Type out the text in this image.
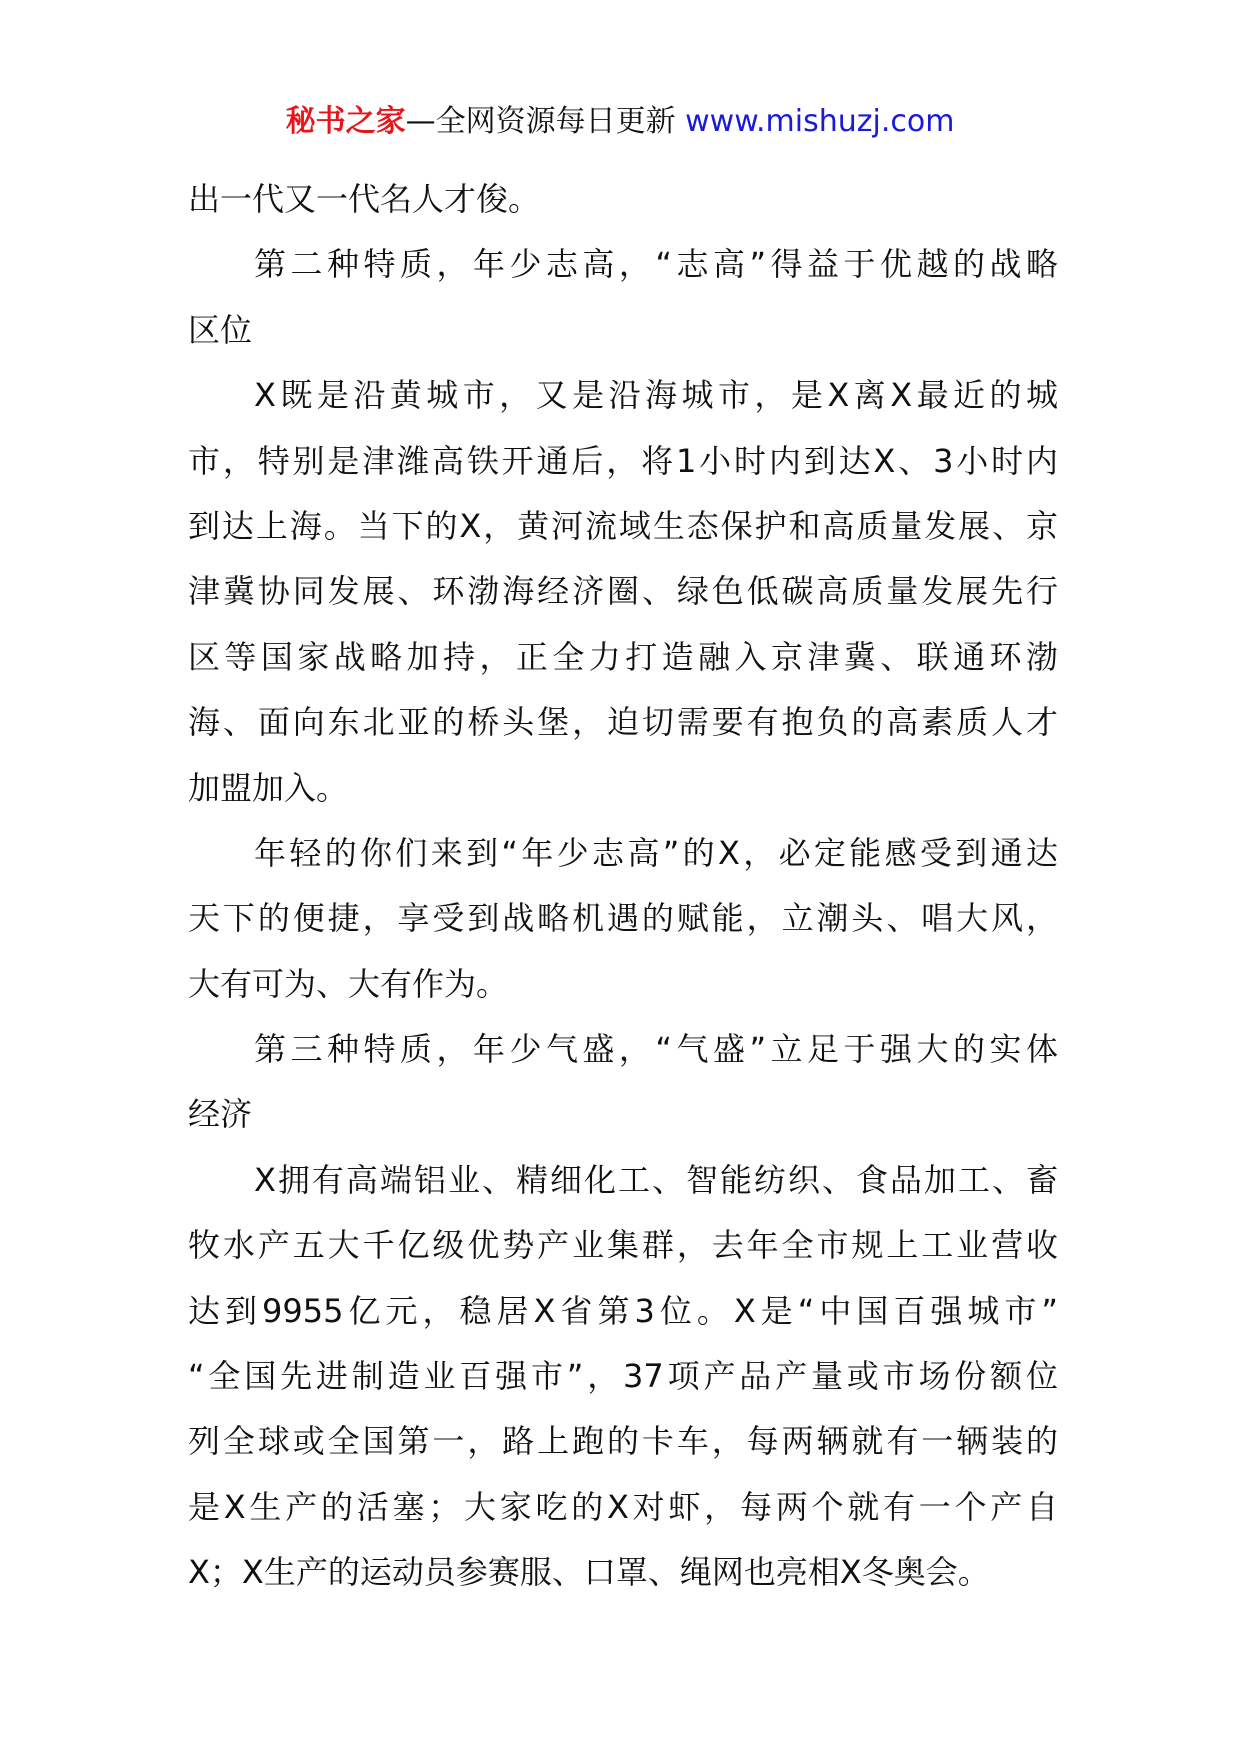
秘书之家—全网资源每日更新 www.mishuzj.com
出一代又一代名人才俊。
第二种特质，年少志高，“志高”得益于优越的战略
区位
X既是沿黄城市，又是沿海城市，是X离X最近的城
市，特别是津潍高铁开通后，将1小时内到达X、3小时内
到达上海。当下的X，黄河流域生态保护和高质量发展、京
津冀协同发展、环渤海经济圈、绿色低碳高质量发展先行
区等国家战略加持，正全力打造融入京津冀、联通环渤
海、面向东北亚的桥头堡，迫切需要有抱负的高素质人才
加盟加入。
年轻的你们来到“年少志高”的X，必定能感受到通达
天下的便捷，享受到战略机遇的赋能，立潮头、唱大风，
大有可为、大有作为。
第三种特质，年少气盛，“气盛”立足于强大的实体
经济
X拥有高端铝业、精细化工、智能纺织、食品加工、畜
牧水产五大千亿级优势产业集群，去年全市规上工业营收
达到9955亿元，稳居X省第3位。X是“中国百强城市”
“全国先进制造业百强市”，37项产品产量或市场份额位
列全球或全国第一，路上跑的卡车，每两辆就有一辆装的
是X生产的活塞；大家吃的X对虾，每两个就有一个产自
X；X生产的运动员参赛服、口罩、绳网也亮相X冬奥会。
